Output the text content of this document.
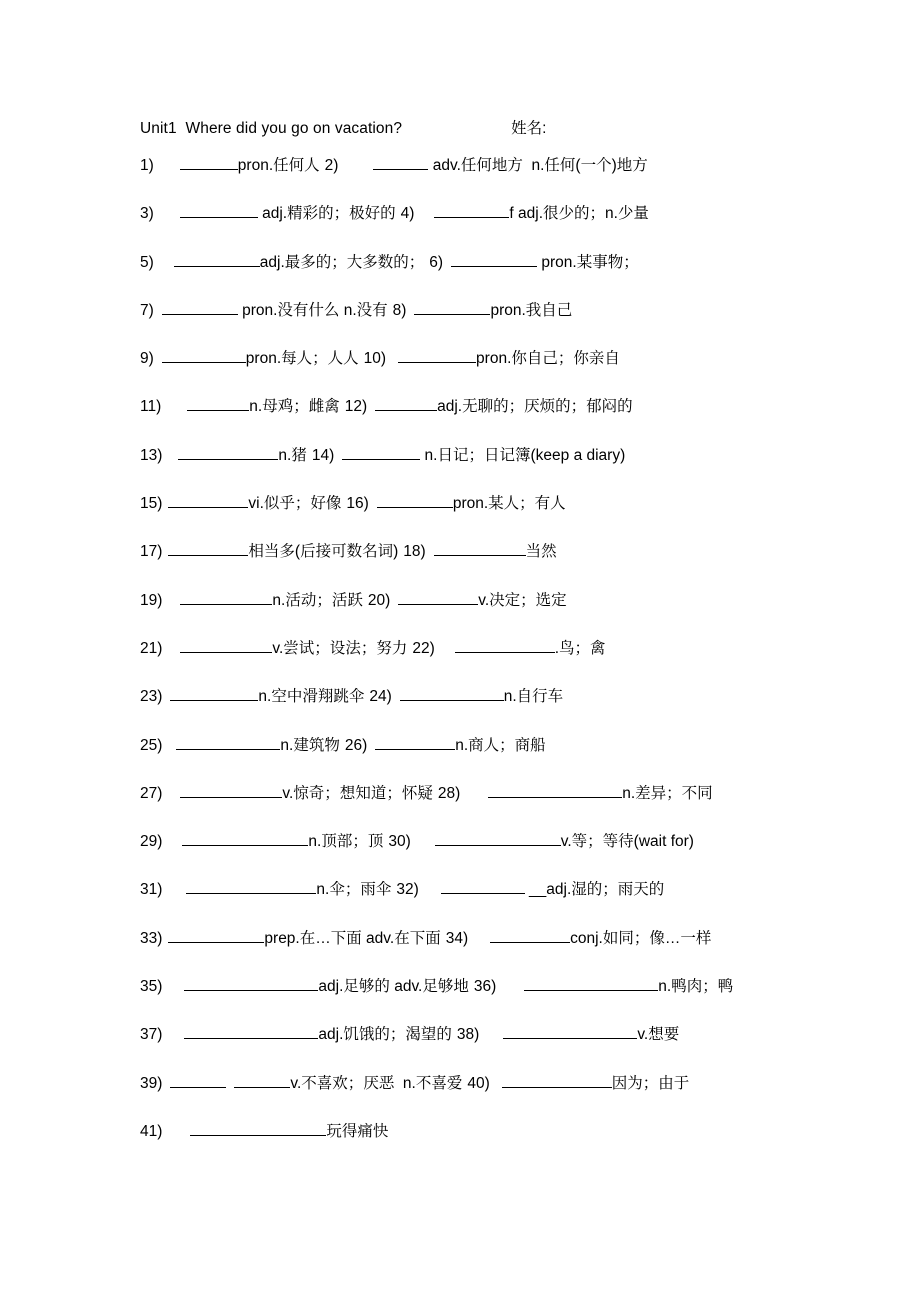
Unit1  Where did you go on vacation?	姓名:
1)	pron.任何人 2)	adv.任何地方  n.任何(一个)地方
3)	adj.精彩的；极好的 4)	f adj.很少的；n.少量
5)	adj.最多的；大多数的； 6)	pron.某事物；
7)	pron.没有什么 n.没有 8)	pron.我自己
9)	pron.每人；人人 10)	pron.你自己；你亲自
11)	n.母鸡；雌禽 12)	adj.无聊的；厌烦的；郁闷的
13)	n.猪 14)	n.日记；日记簿(keep a diary)
15)	vi.似乎；好像 16)	pron.某人；有人
17)	相当多(后接可数名词) 18)	当然
19)	n.活动；活跃 20)	v.决定；选定
21)	v.尝试；设法；努力 22)	.鸟；禽
23)	n.空中滑翔跳伞 24)	n.自行车
25)	n.建筑物 26)	n.商人；商船
27)	v.惊奇；想知道；怀疑 28)	n.差异；不同
29)	n.顶部；顶 30)	v.等；等待(wait for)
31)	n.伞；雨伞 32)	__adj.湿的；雨天的
33)	prep.在…下面 adv.在下面 34)	conj.如同；像…一样
35)	adj.足够的 adv.足够地 36)	n.鸭肉；鸭
37)	adj.饥饿的；渴望的 38)	v.想要
39)	v.不喜欢；厌恶  n.不喜爱 40)	因为；由于
41)	玩得痛快
